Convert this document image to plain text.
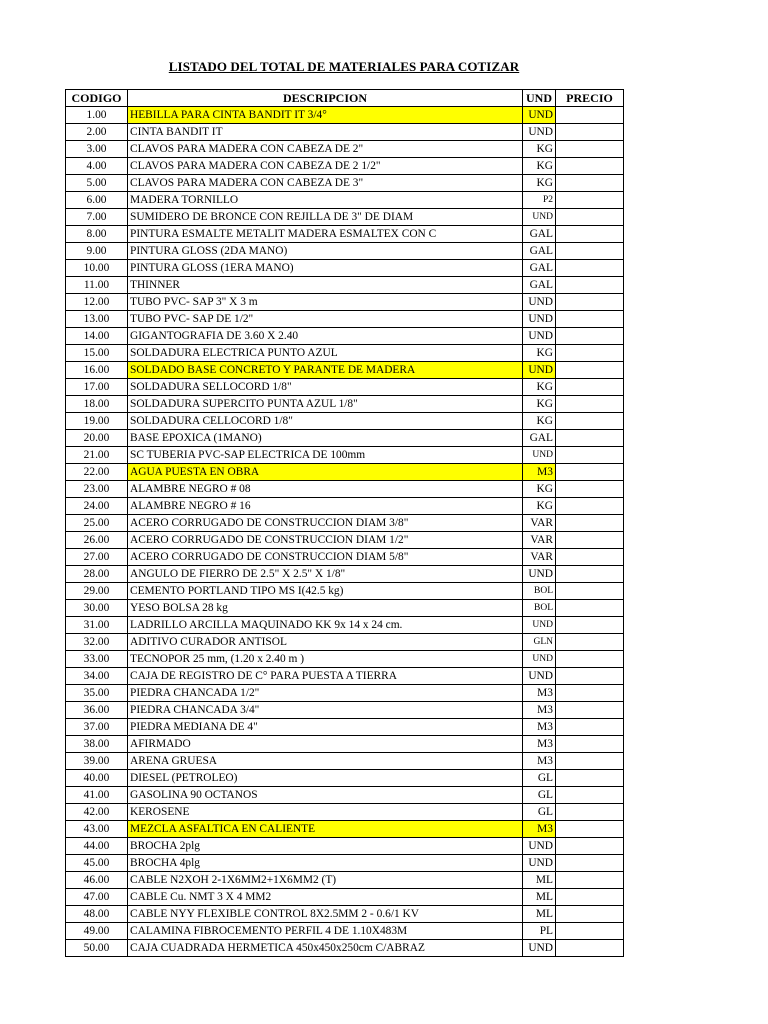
LISTADO DEL TOTAL DE MATERIALES PARA COTIZAR
CODIGO	DESCRIPCION	UND	PRECIO
1.00	HEBILLA PARA CINTA BANDIT IT 3/4°	UND	
2.00	CINTA BANDIT IT	UND	
3.00	CLAVOS PARA MADERA CON CABEZA DE 2"	KG	
4.00	CLAVOS PARA MADERA CON CABEZA DE 2 1/2"	KG	
5.00	CLAVOS PARA MADERA CON CABEZA DE 3"	KG	
6.00	MADERA TORNILLO	P2	
7.00	SUMIDERO DE BRONCE CON REJILLA DE 3" DE DIAM	UND	
8.00	PINTURA ESMALTE METALIT MADERA ESMALTEX CON C	GAL	
9.00	PINTURA GLOSS (2DA MANO)	GAL	
10.00	PINTURA GLOSS (1ERA MANO)	GAL	
11.00	THINNER	GAL	
12.00	TUBO PVC- SAP 3" X 3 m	UND	
13.00	TUBO PVC- SAP DE 1/2"	UND	
14.00	GIGANTOGRAFIA DE 3.60 X 2.40	UND	
15.00	SOLDADURA ELECTRICA PUNTO AZUL	KG	
16.00	SOLDADO BASE CONCRETO Y PARANTE DE MADERA	UND	
17.00	SOLDADURA SELLOCORD 1/8"	KG	
18.00	SOLDADURA SUPERCITO PUNTA AZUL 1/8"	KG	
19.00	SOLDADURA CELLOCORD 1/8"	KG	
20.00	BASE EPOXICA (1MANO)	GAL	
21.00	SC TUBERIA PVC-SAP ELECTRICA DE 100mm	UND	
22.00	AGUA PUESTA EN OBRA	M3	
23.00	ALAMBRE NEGRO # 08	KG	
24.00	ALAMBRE NEGRO # 16	KG	
25.00	ACERO CORRUGADO DE CONSTRUCCION DIAM 3/8"	VAR	
26.00	ACERO CORRUGADO DE CONSTRUCCION DIAM 1/2"	VAR	
27.00	ACERO CORRUGADO DE CONSTRUCCION DIAM 5/8"	VAR	
28.00	ANGULO DE FIERRO DE 2.5" X 2.5" X 1/8"	UND	
29.00	CEMENTO PORTLAND TIPO MS I(42.5 kg)	BOL	
30.00	YESO BOLSA 28 kg	BOL	
31.00	LADRILLO ARCILLA MAQUINADO KK 9x 14 x 24 cm.	UND	
32.00	ADITIVO CURADOR ANTISOL	GLN	
33.00	TECNOPOR 25 mm, (1.20 x 2.40 m )	UND	
34.00	CAJA DE REGISTRO DE C° PARA PUESTA A TIERRA	UND	
35.00	PIEDRA CHANCADA 1/2"	M3	
36.00	PIEDRA CHANCADA 3/4"	M3	
37.00	PIEDRA MEDIANA DE 4"	M3	
38.00	AFIRMADO	M3	
39.00	ARENA GRUESA	M3	
40.00	DIESEL (PETROLEO)	GL	
41.00	GASOLINA 90 OCTANOS	GL	
42.00	KEROSENE	GL	
43.00	MEZCLA ASFALTICA EN CALIENTE	M3	
44.00	BROCHA 2plg	UND	
45.00	BROCHA 4plg	UND	
46.00	CABLE N2XOH 2-1X6MM2+1X6MM2 (T)	ML	
47.00	CABLE Cu. NMT 3 X 4 MM2	ML	
48.00	CABLE NYY FLEXIBLE CONTROL 8X2.5MM 2 - 0.6/1 KV	ML	
49.00	CALAMINA FIBROCEMENTO PERFIL 4 DE 1.10X483M	PL	
50.00	CAJA CUADRADA HERMETICA 450x450x250cm C/ABRAZ	UND	
